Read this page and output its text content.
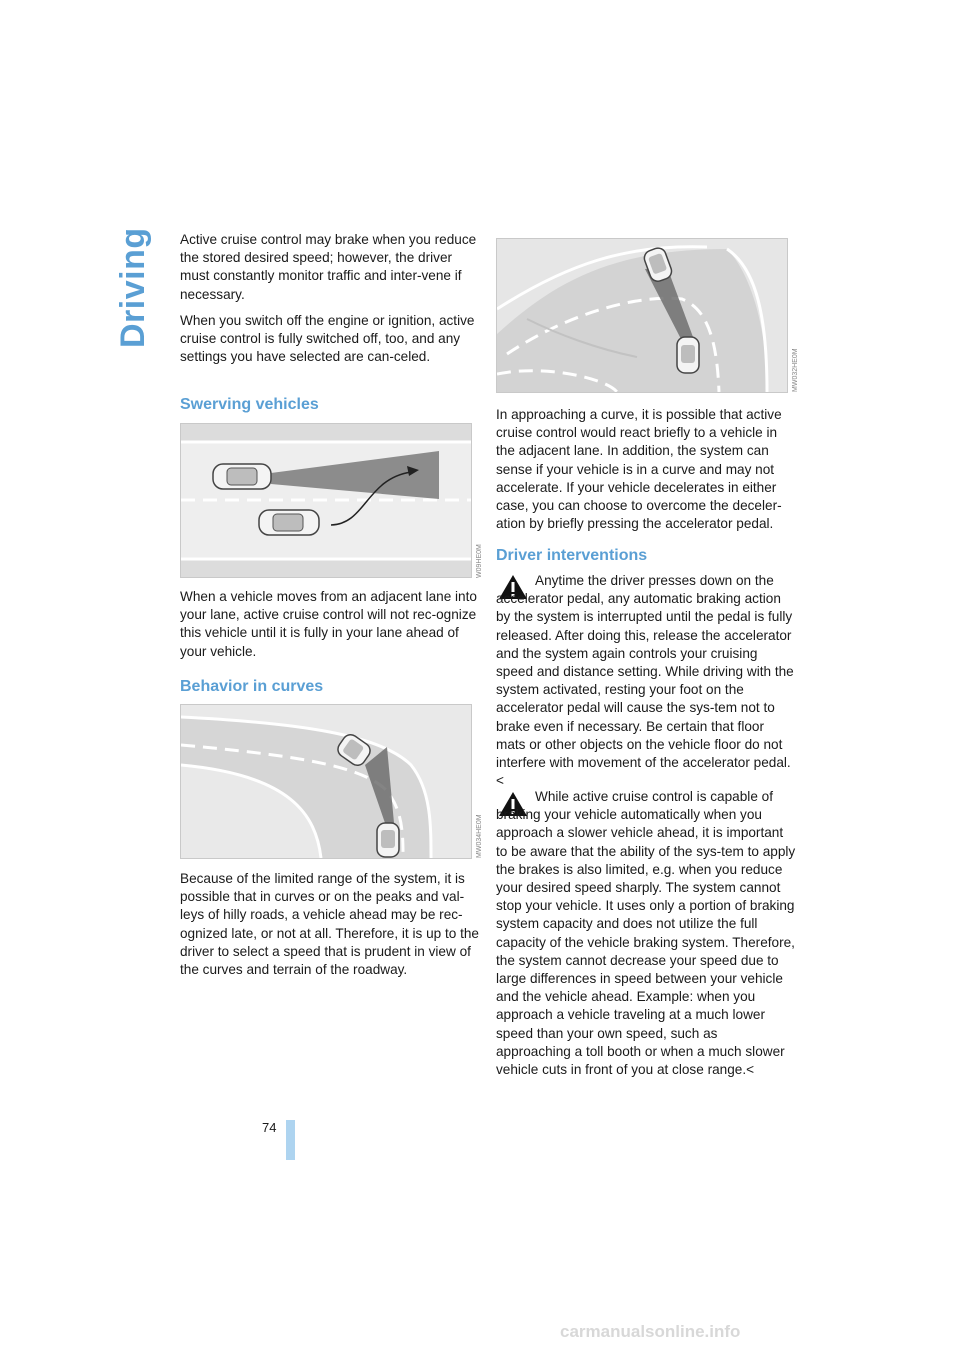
Driving
74

Active cruise control may brake when you reduce the stored desired speed; however, the driver must constantly monitor traffic and inter-vene if necessary.

When you switch off the engine or ignition, active cruise control is fully switched off, too, and any settings you have selected are can-celed.

Swerving vehicles
W09HE0M
When a vehicle moves from an adjacent lane into your lane, active cruise control will not rec-ognize this vehicle until it is fully in your lane ahead of your vehicle.
Behavior in curves
MW034HE0M
Because of the limited range of the system, it is possible that in curves or on the peaks and val-leys of hilly roads, a vehicle ahead may be rec-ognized late, or not at all. Therefore, it is up to the driver to select a speed that is prudent in view of the curves and terrain of the roadway.
MW032HE0M
In approaching a curve, it is possible that active cruise control would react briefly to a vehicle in the adjacent lane. In addition, the system can sense if your vehicle is in a curve and may not accelerate. If your vehicle decelerates in either case, you can choose to overcome the deceler-ation by briefly pressing the accelerator pedal.
Driver interventions
Anytime the driver presses down on the accelerator pedal, any automatic braking action by the system is interrupted until the pedal is fully released. After doing this, release the accelerator and the system again controls your cruising speed and distance setting. While driving with the system activated, resting your foot on the accelerator pedal will cause the sys-tem not to brake even if necessary. Be certain that floor mats or other objects on the vehicle floor do not interfere with movement of the accelerator pedal.<
While active cruise control is capable of braking your vehicle automatically when you approach a slower vehicle ahead, it is important to be aware that the ability of the sys-tem to apply the brakes is also limited, e.g. when you reduce your desired speed sharply. The system cannot stop your vehicle. It uses only a portion of braking system capacity and does not utilize the full capacity of the vehicle braking system. Therefore, the system cannot decrease your speed due to large differences in speed between your vehicle and the vehicle ahead. Example: when you approach a vehicle traveling at a much lower speed than your own speed, such as approaching a toll booth or when a much slower vehicle cuts in front of you at close range.<
carmanualsonline.info
